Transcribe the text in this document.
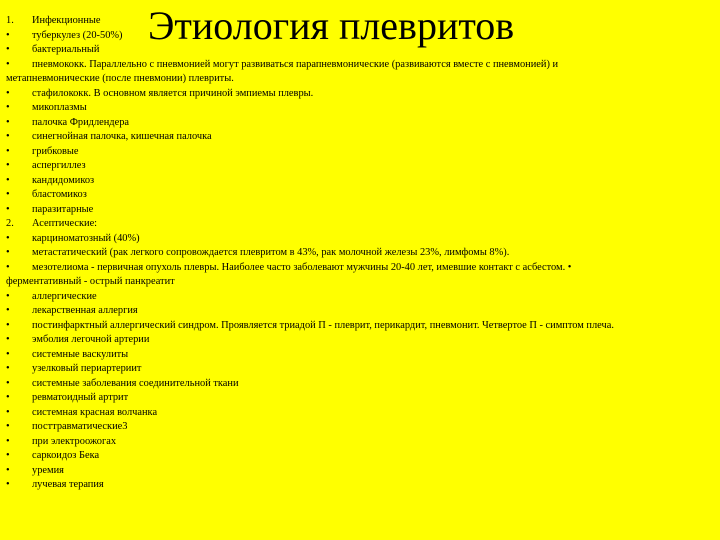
Этиология плевритов
1.	Инфекционные
•	туберкулез (20-50%)
•	бактериальный
•	пневмококк. Параллельно с пневмонией могут развиваться парапневмонические (развиваются вместе с пневмонией) и
метапневмонические (после пневмонии) плевриты.
•	стафилококк. В основном является причиной эмпиемы плевры.
•	микоплазмы
•	палочка Фридлендера
•	синегнойная палочка, кишечная палочка
•	грибковые
•	аспергиллез
•	кандидомикоз
•	бластомикоз
•	паразитарные
2.	Асептические:
•	карциноматозный (40%)
•	метастатический (рак легкого сопровождается плевритом в 43%, рак молочной железы 23%, лимфомы 8%).
•	мезотелиома - первичная опухоль плевры. Наиболее часто заболевают мужчины 20-40 лет, имевшие контакт с асбестом. •
ферментативный - острый панкреатит
•	аллергические
•	лекарственная аллергия
•	постинфарктный аллергический синдром. Проявляется триадой П - плеврит, перикардит, пневмонит. Четвертое П - симптом плеча.
•	эмболия легочной артерии
•	системные васкулиты
•	узелковый периартериит
•	системные заболевания соединительной ткани
•	ревматоидный артрит
•	системная красная волчанка
•	посттравматические3
•	при электроожогах
•	саркоидоз Бека
•	уремия
•	лучевая терапия
